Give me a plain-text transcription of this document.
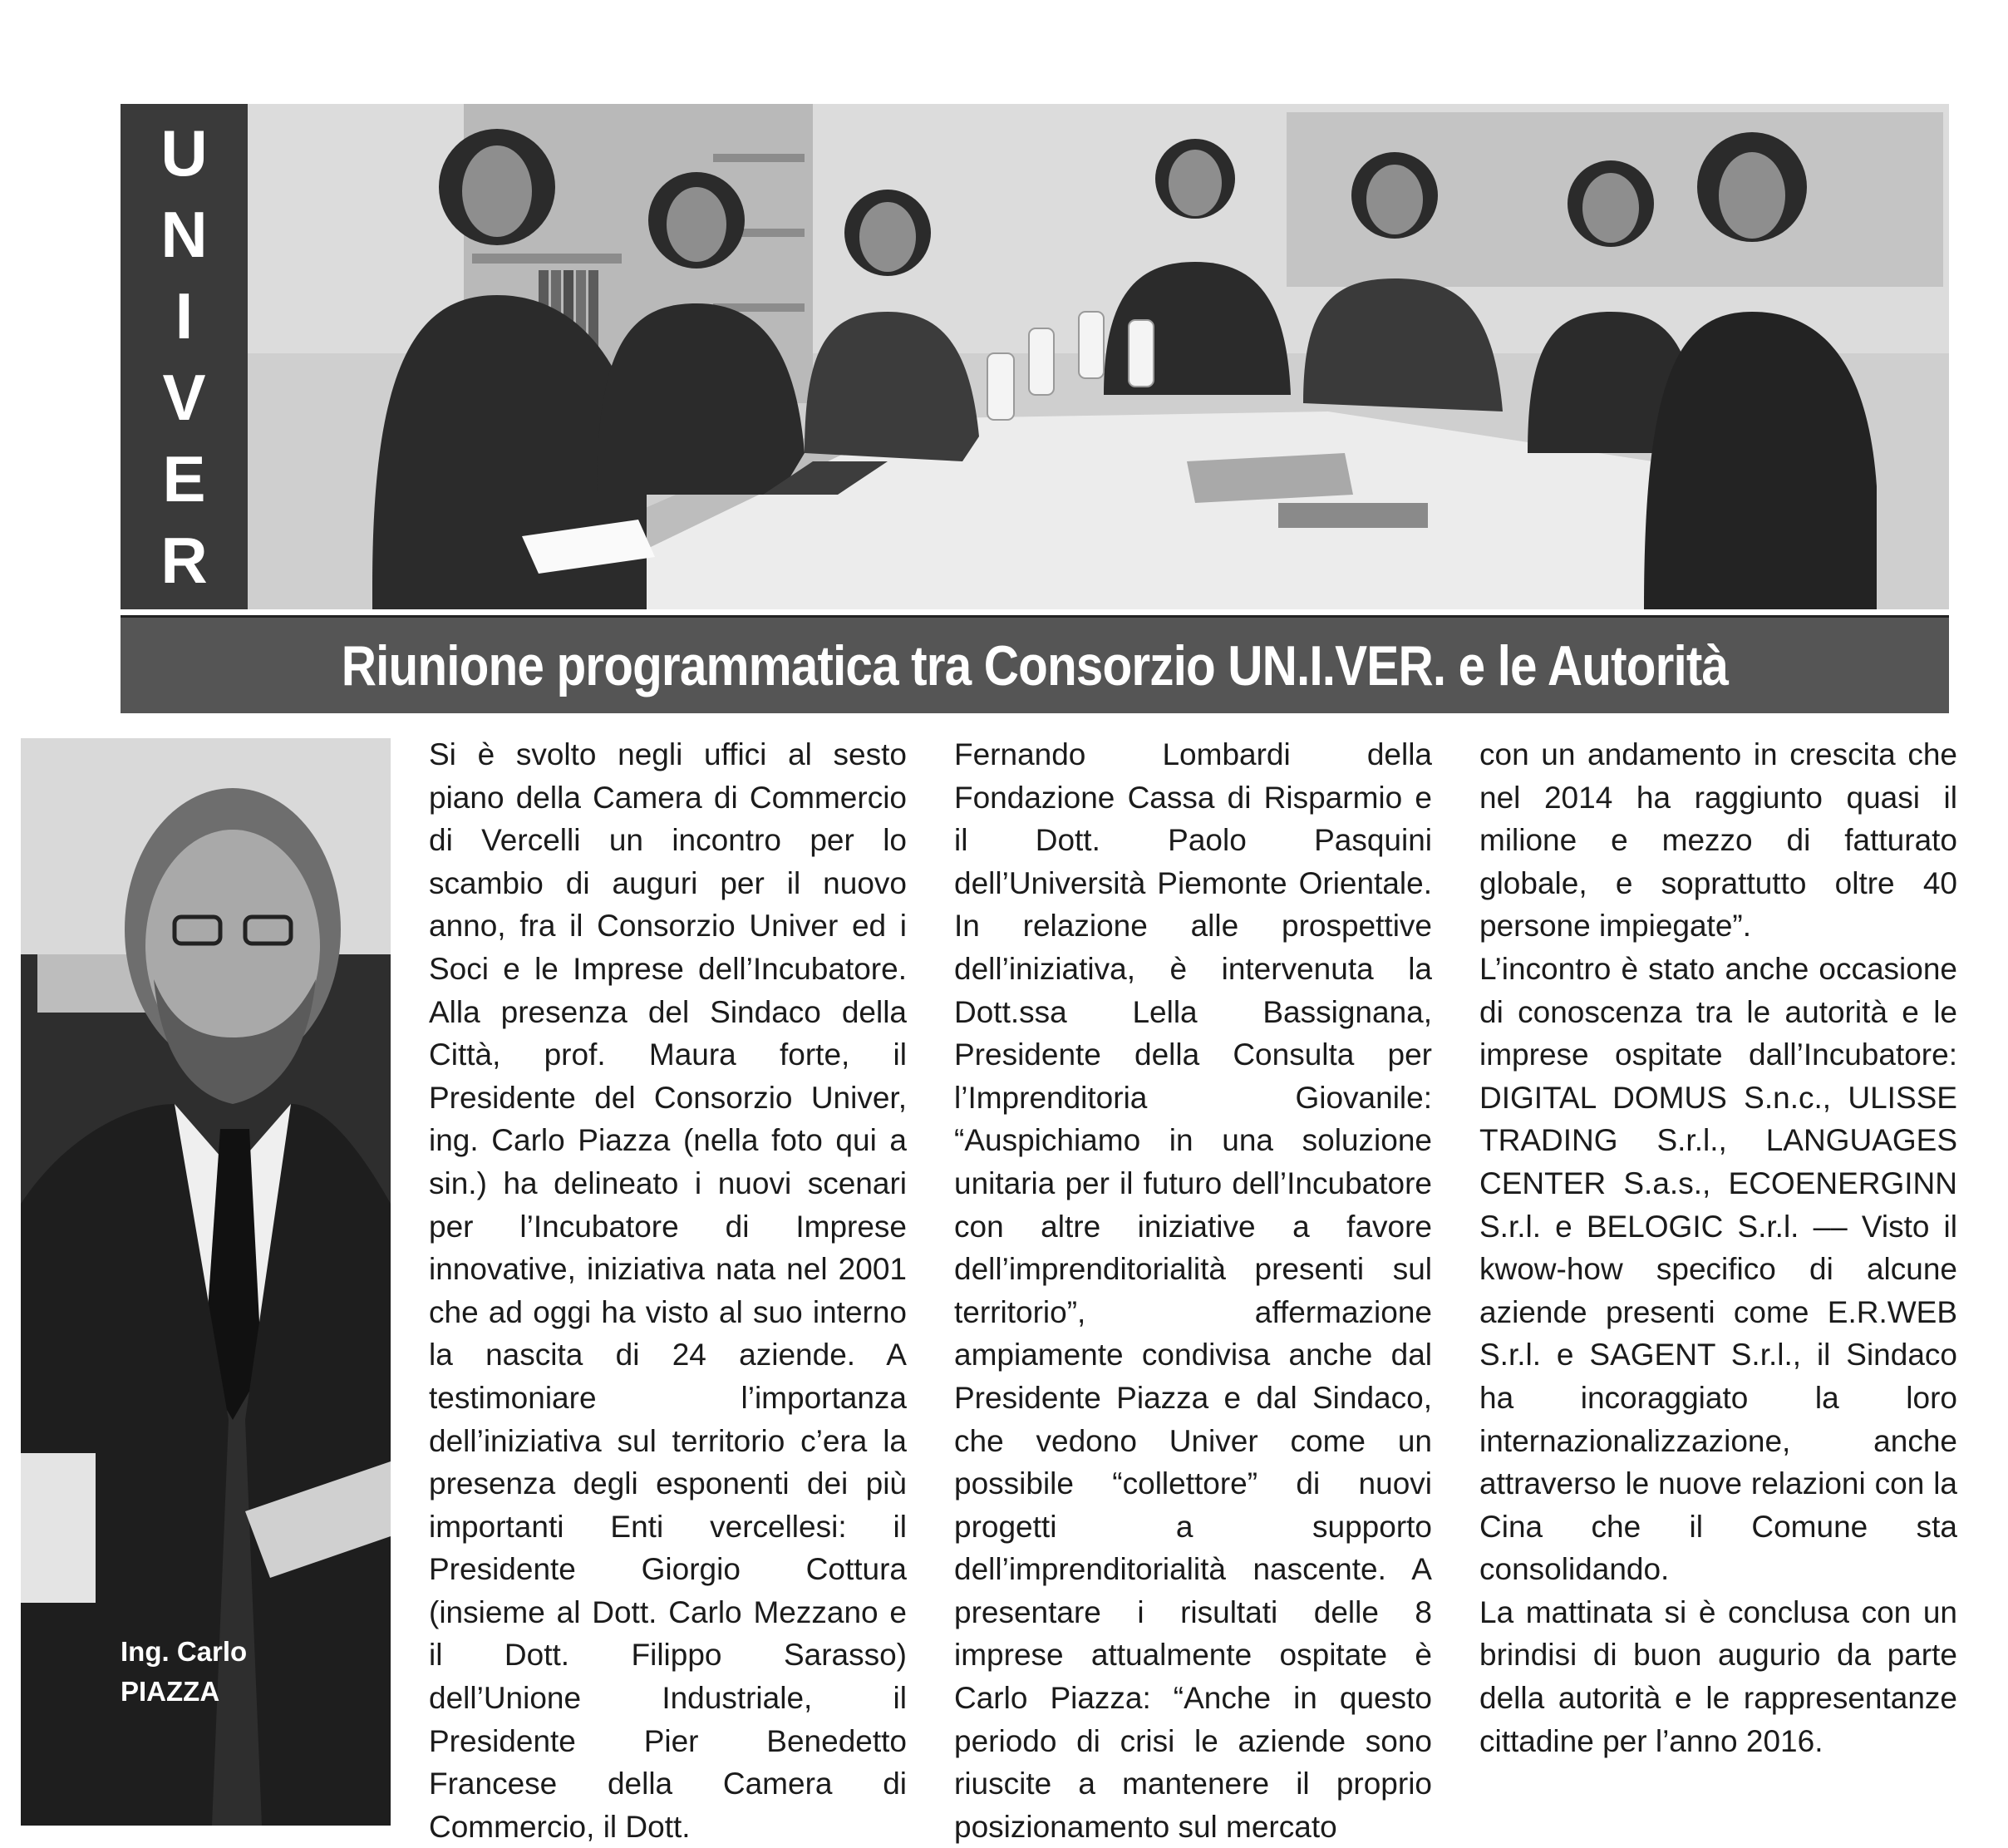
U
N
I
V
E
R
Riunione programmatica tra Consorzio UN.I.VER. e le Autorità
Ing. Carlo
PIAZZA

Si è svolto negli uffici al sesto piano della Camera di Commercio di Vercelli un incontro per lo scambio di auguri per il nuovo anno, fra il Consorzio Univer ed i Soci e le Imprese dell’Incubatore. Alla presenza del Sindaco della Città, prof. Maura forte, il Presidente del Consorzio Univer, ing. Carlo Piazza (nella foto qui a sin.) ha delineato i nuovi scenari per l’Incubatore di Imprese innovative, iniziativa nata nel 2001 che ad oggi ha visto al suo interno la nascita di 24 aziende. A testimoniare l’importanza dell’iniziativa sul territorio c’era la presenza degli esponenti dei più importanti Enti vercellesi: il Presidente Giorgio Cottura (insieme al Dott. Carlo Mezzano e il Dott. Filippo Sarasso) dell’Unione Industriale, il Presidente Pier Benedetto Francese della Camera di Commercio, il Dott.

Fernando Lombardi della Fondazione Cassa di Risparmio e il Dott. Paolo Pasquini dell’Università Piemonte Orientale. In relazione alle prospettive dell’iniziativa, è intervenuta la Dott.ssa Lella Bassignana, Presidente della Consulta per l’Imprenditoria Giovanile: “Auspichiamo in una soluzione unitaria per il futuro dell’Incubatore con altre iniziative a favore dell’imprenditorialità presenti sul territorio”, affermazione ampiamente condivisa anche dal Presidente Piazza e dal Sindaco, che vedono Univer come un possibile “collettore” di nuovi progetti a supporto dell’imprenditorialità nascente. A presentare i risultati delle 8 imprese attualmente ospitate è Carlo Piazza: “Anche in questo periodo di crisi le aziende sono riuscite a mantenere il proprio posizionamento sul mercato

con un andamento in crescita che nel 2014 ha raggiunto quasi il milione e mezzo di fatturato globale, e soprattutto oltre 40 persone impiegate”.

L’incontro è stato anche occasione di conoscenza tra le autorità e le imprese ospitate dall’Incubatore: DIGITAL DOMUS S.n.c., ULISSE TRADING S.r.l., LANGUAGES CENTER S.a.s., ECOENERGINN S.r.l. e BELOGIC S.r.l. –– Visto il kwow-how specifico di alcune aziende presenti come E.R.WEB S.r.l. e SAGENT S.r.l., il Sindaco ha incoraggiato la loro internazionalizzazione, anche attraverso le nuove relazioni con la Cina che il Comune sta consolidando.

La mattinata si è conclusa con un brindisi di buon augurio da parte della autorità e le rappresentanze cittadine per l’anno 2016.
